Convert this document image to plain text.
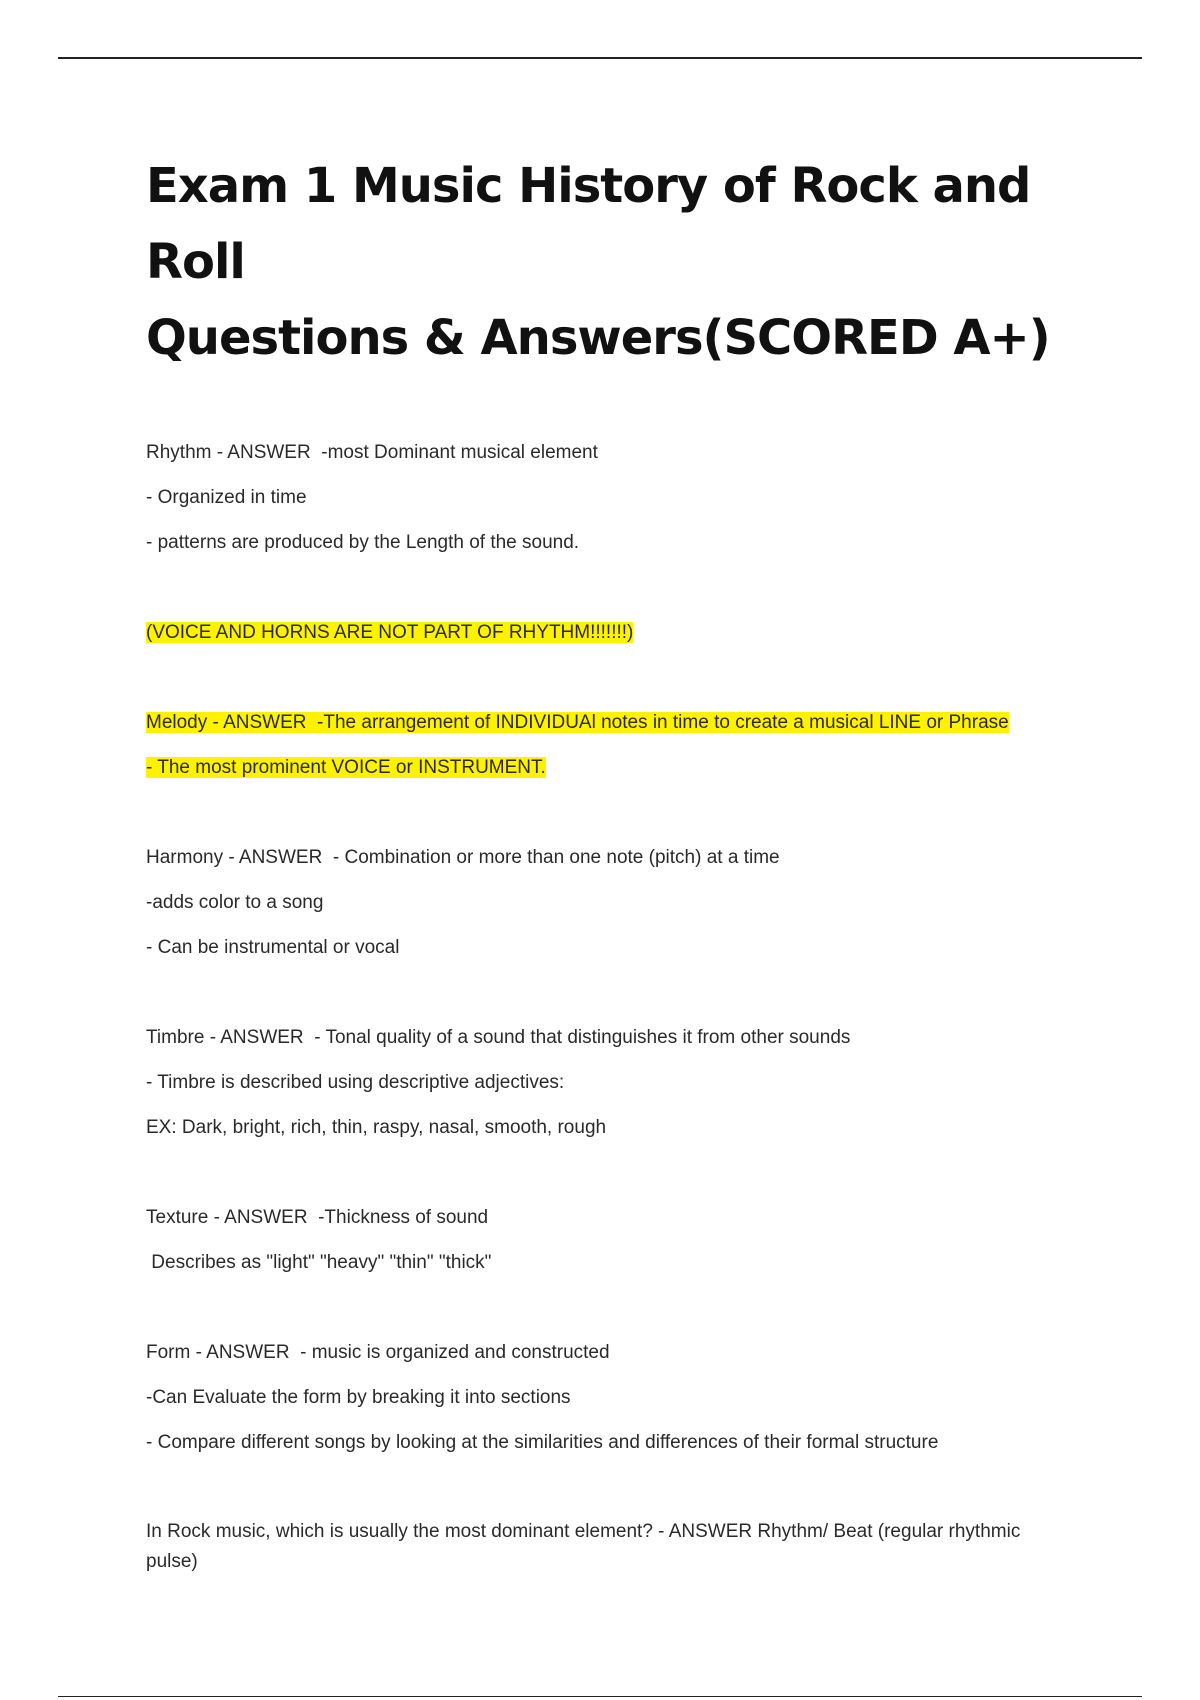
Exam 1 Music History of Rock and Roll
Questions & Answers(SCORED A+)
Rhythm - ANSWER  -most Dominant musical element
- Organized in time
- patterns are produced by the Length of the sound.
(VOICE AND HORNS ARE NOT PART OF RHYTHM!!!!!!!)
Melody - ANSWER  -The arrangement of INDIVIDUAl notes in time to create a musical LINE or Phrase
- The most prominent VOICE or INSTRUMENT.
Harmony - ANSWER  - Combination or more than one note (pitch) at a time
-adds color to a song
- Can be instrumental or vocal
Timbre - ANSWER  - Tonal quality of a sound that distinguishes it from other sounds
- Timbre is described using descriptive adjectives:
EX: Dark, bright, rich, thin, raspy, nasal, smooth, rough
Texture - ANSWER  -Thickness of sound
Describes as "light" "heavy" "thin" "thick"
Form - ANSWER  - music is organized and constructed
-Can Evaluate the form by breaking it into sections
- Compare different songs by looking at the similarities and differences of their formal structure
In Rock music, which is usually the most dominant element? - ANSWER Rhythm/ Beat (regular rhythmic pulse)
